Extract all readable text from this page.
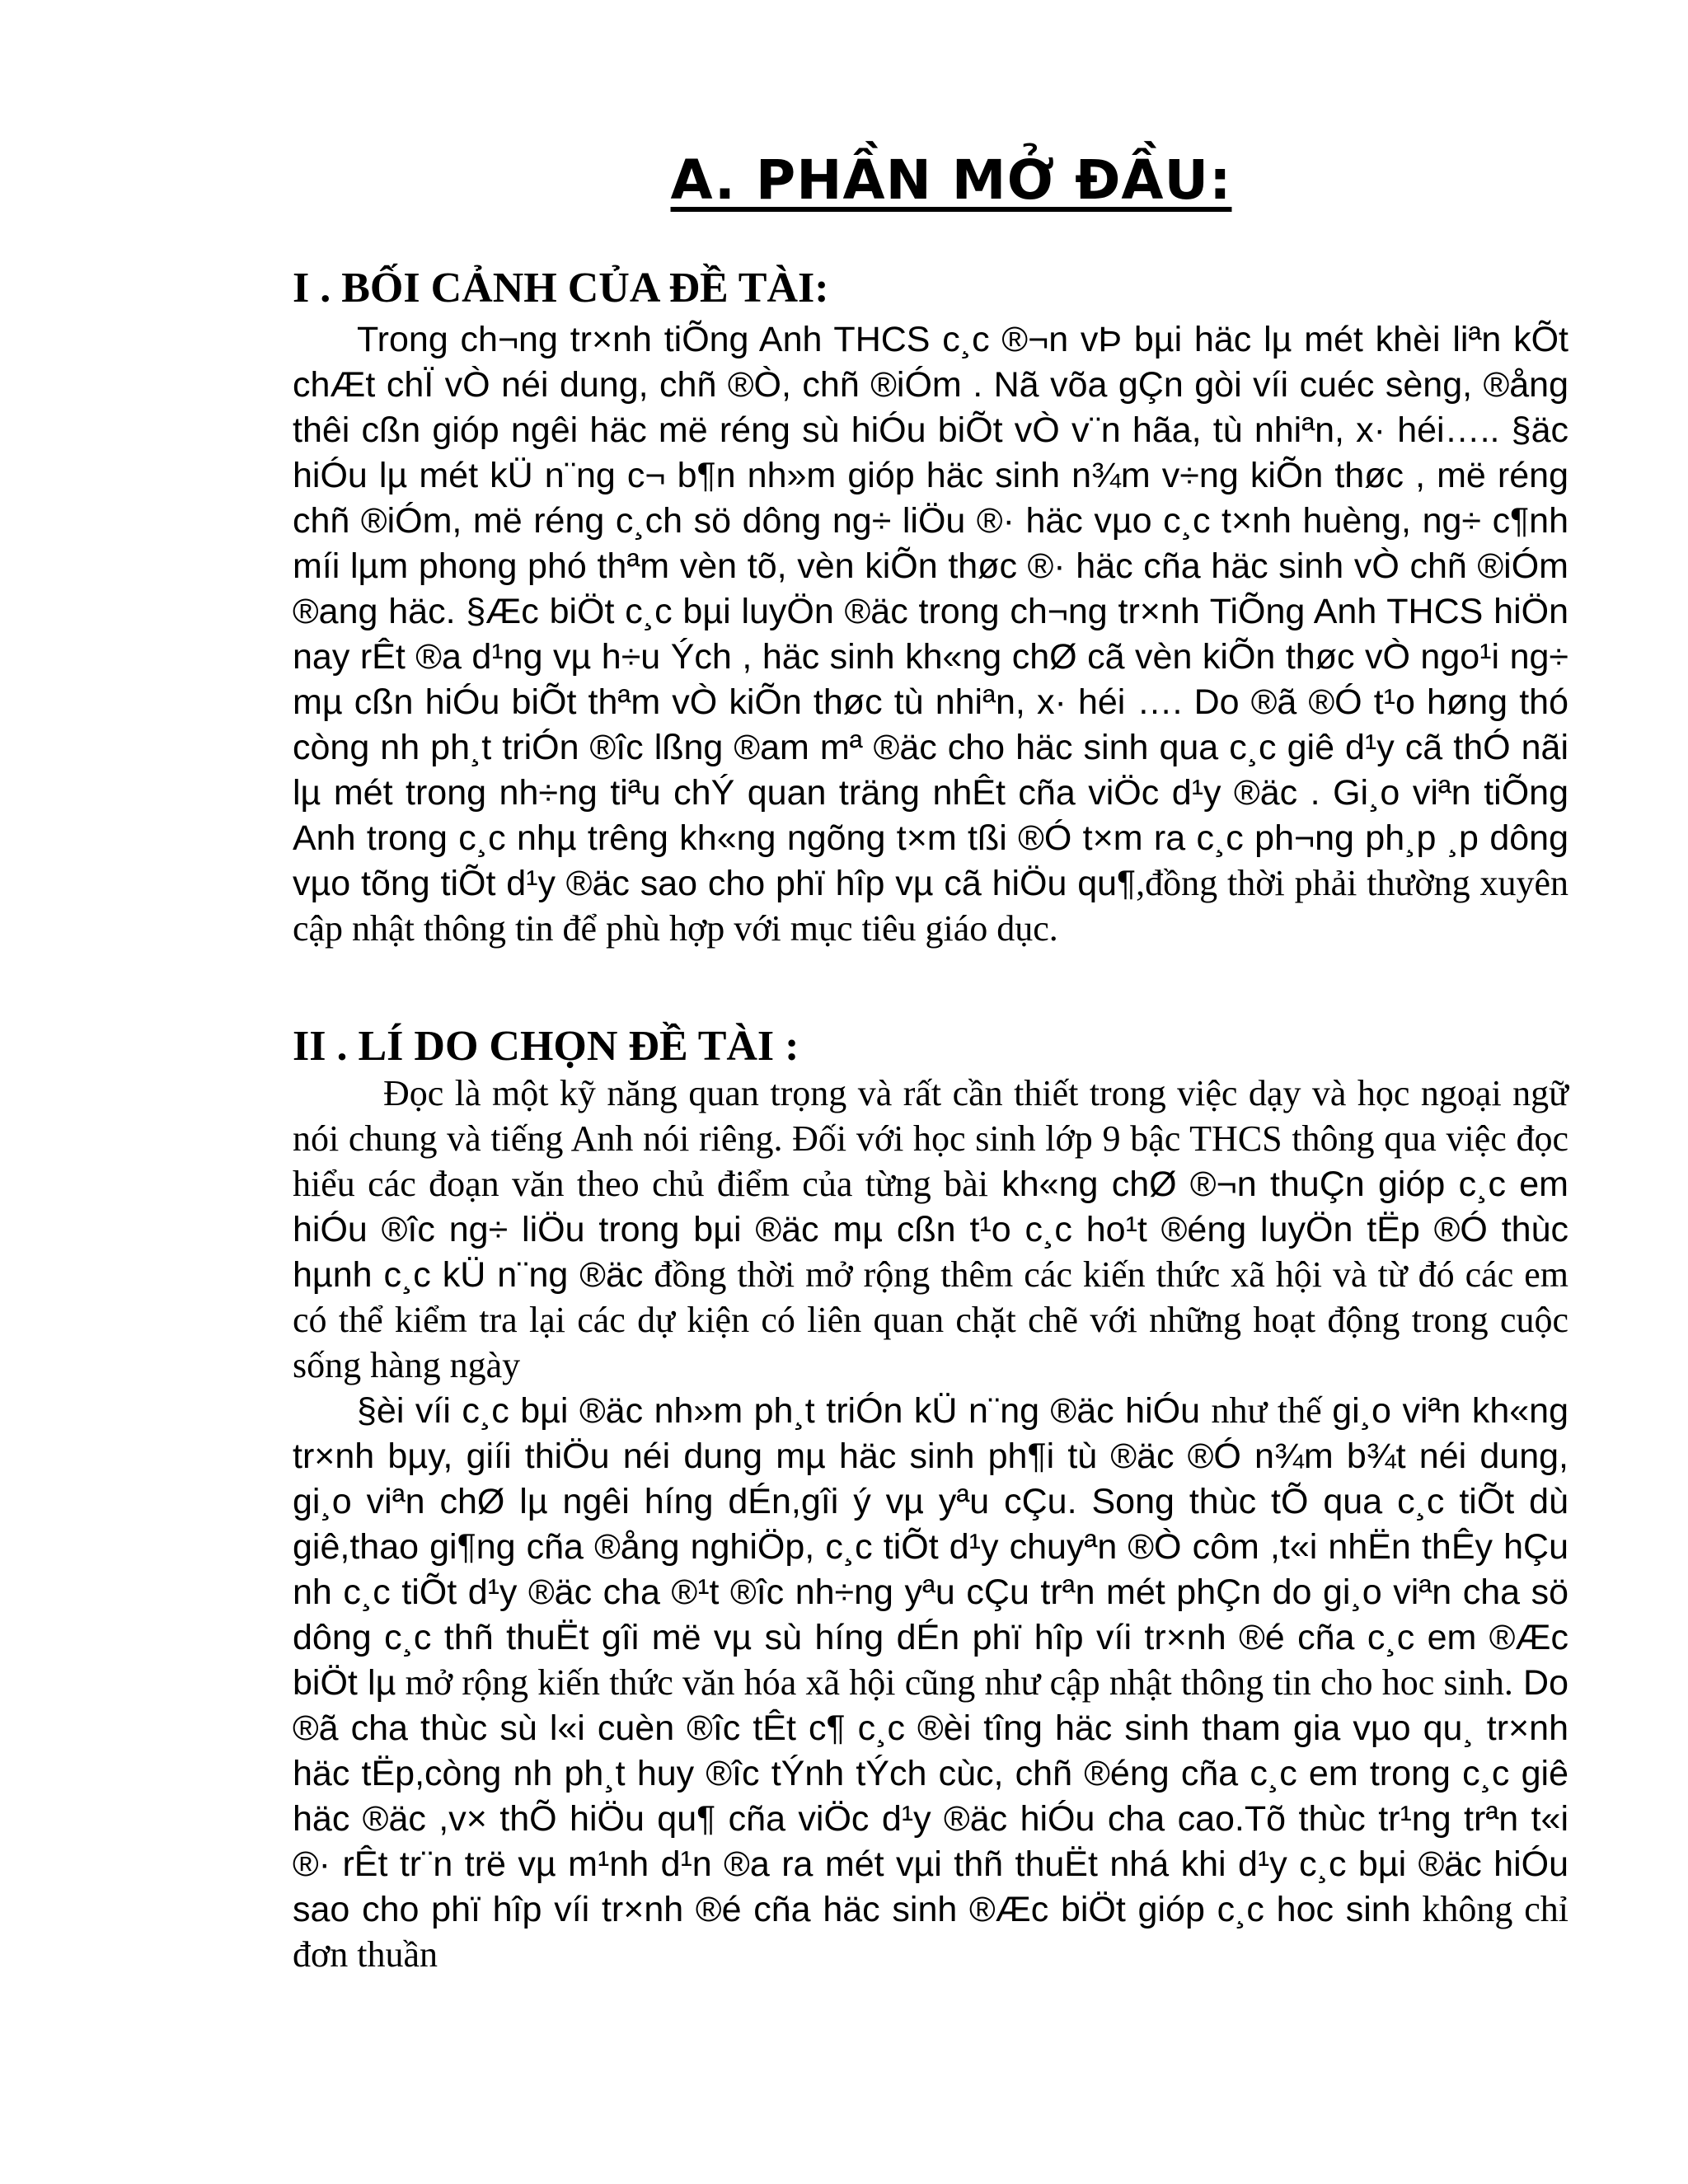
A. PHẦN MỞ ĐẦU:
I . BỐI CẢNH CỦA ĐỀ TÀI:

Trong ch¬ng tr×nh tiÕng Anh THCS c¸c ®¬n vÞ bµi häc lµ mét khèi liªn kÕt chÆt chÏ vÒ néi dung, chñ ®Ò, chñ ®iÓm . Nã võa gÇn gòi víi cuéc sèng, ®ång thêi cßn gióp ngêi häc më réng sù hiÓu biÕt vÒ v¨n hãa, tù nhiªn, x· héi….. §äc hiÓu lµ mét kÜ n¨ng c¬ b¶n nh»m gióp häc sinh n¾m v÷ng kiÕn thøc , më réng chñ ®iÓm, më réng c¸ch sö dông ng÷ liÖu ®· häc vµo c¸c t×nh huèng, ng÷ c¶nh míi lµm phong phó thªm vèn tõ, vèn kiÕn thøc ®· häc cña häc sinh vÒ chñ ®iÓm ®ang häc. §Æc biÖt c¸c bµi luyÖn ®äc trong ch¬ng tr×nh TiÕng Anh THCS hiÖn nay rÊt ®a d¹ng vµ h÷u Ých , häc sinh kh«ng chØ cã vèn kiÕn thøc vÒ ngo¹i ng÷ mµ cßn hiÓu biÕt thªm vÒ kiÕn thøc tù nhiªn, x· héi …. Do ®ã ®Ó t¹o høng thó còng nh ph¸t triÓn ®îc lßng ®am mª ®äc cho häc sinh qua c¸c giê d¹y cã thÓ nãi lµ mét trong nh÷ng tiªu chÝ quan träng nhÊt cña viÖc d¹y ®äc . Gi¸o viªn tiÕng Anh trong c¸c nhµ trêng kh«ng ngõng t×m tßi ®Ó t×m ra c¸c ph¬ng ph¸p ¸p dông vµo tõng tiÕt d¹y ®äc sao cho phï hîp vµ cã hiÖu qu¶,đồng thời phải thường xuyên cập nhật thông tin để phù hợp với mục tiêu giáo dục.

II . LÍ DO CHỌN ĐỀ TÀI :

Đọc là một kỹ năng quan trọng và rất cần thiết trong việc dạy và học ngoại ngữ nói chung và tiếng Anh nói riêng. Đối với học sinh lớp 9 bậc THCS thông qua việc đọc hiểu các đoạn văn theo chủ điểm của từng bài kh«ng chØ ®¬n thuÇn gióp c¸c em hiÓu ®îc ng÷ liÖu trong bµi ®äc mµ cßn t¹o c¸c ho¹t ®éng luyÖn tËp ®Ó thùc hµnh c¸c kÜ n¨ng ®äc đồng thời mở rộng thêm các kiến thức xã hội và từ đó các em có thể kiểm tra lại các dự kiện có liên quan chặt chẽ với những hoạt động trong cuộc sống hàng ngày

§èi víi c¸c bµi ®äc nh»m ph¸t triÓn kÜ n¨ng ®äc hiÓu như thế gi¸o viªn kh«ng tr×nh bµy, giíi thiÖu néi dung mµ häc sinh ph¶i tù ®äc ®Ó n¾m b¾t néi dung, gi¸o viªn chØ lµ ngêi híng dÉn,gîi ý vµ yªu cÇu. Song thùc tÕ qua c¸c tiÕt dù giê,thao gi¶ng cña ®ång nghiÖp, c¸c tiÕt d¹y chuyªn ®Ò côm ,t«i nhËn thÊy hÇu nh c¸c tiÕt d¹y ®äc cha ®¹t ®îc nh÷ng yªu cÇu trªn mét phÇn do gi¸o viªn cha sö dông c¸c thñ thuËt gîi më vµ sù híng dÉn phï hîp víi tr×nh ®é cña c¸c em ®Æc biÖt lµ mở rộng kiến thức văn hóa xã hội cũng như cập nhật thông tin cho hoc sinh. Do ®ã cha thùc sù l«i cuèn ®îc tÊt c¶ c¸c ®èi tîng häc sinh tham gia vµo qu¸ tr×nh häc tËp,còng nh ph¸t huy ®îc tÝnh tÝch cùc, chñ ®éng cña c¸c em trong c¸c giê häc ®äc ,v× thÕ hiÖu qu¶ cña viÖc d¹y ®äc hiÓu cha cao.Tõ thùc tr¹ng trªn t«i ®· rÊt tr¨n trë vµ m¹nh d¹n ®a ra mét vµi thñ thuËt nhá khi d¹y c¸c bµi ®äc hiÓu sao cho phï hîp víi tr×nh ®é cña häc sinh ®Æc biÖt gióp c¸c hoc sinh không chỉ đơn thuần
